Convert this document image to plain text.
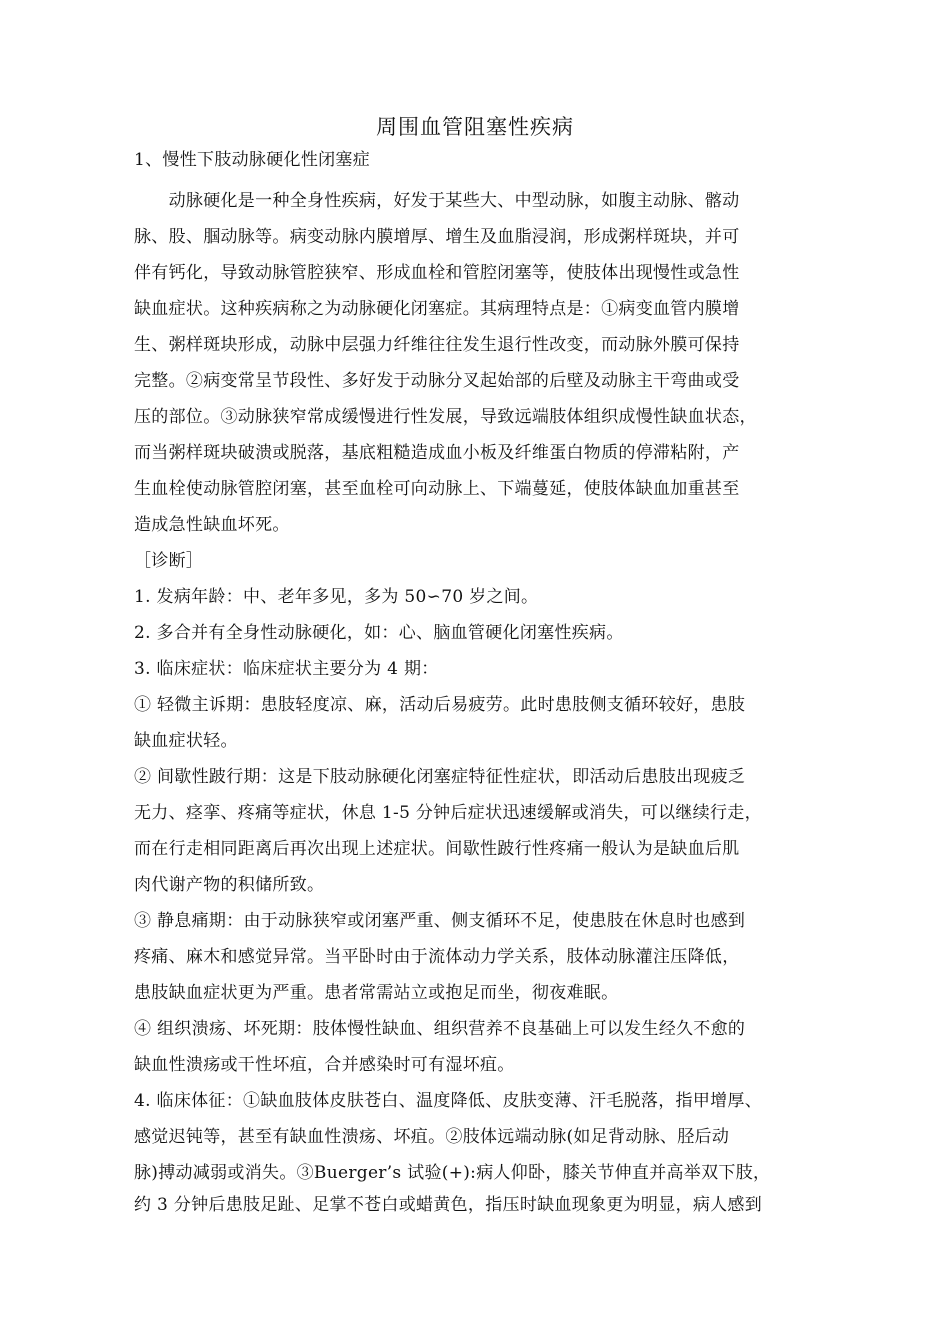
周围血管阻塞性疾病
1、慢性下肢动脉硬化性闭塞症
　　动脉硬化是一种全身性疾病，好发于某些大、中型动脉，如腹主动脉、髂动
脉、股、腘动脉等。病变动脉内膜增厚、增生及血脂浸润，形成粥样斑块，并可
伴有钙化，导致动脉管腔狭窄、形成血栓和管腔闭塞等，使肢体出现慢性或急性
缺血症状。这种疾病称之为动脉硬化闭塞症。其病理特点是：①病变血管内膜增
生、粥样斑块形成，动脉中层强力纤维往往发生退行性改变，而动脉外膜可保持
完整。②病变常呈节段性、多好发于动脉分叉起始部的后壁及动脉主干弯曲或受
压的部位。③动脉狭窄常成缓慢进行性发展，导致远端肢体组织成慢性缺血状态，
而当粥样斑块破溃或脱落，基底粗糙造成血小板及纤维蛋白物质的停滞粘附，产
生血栓使动脉管腔闭塞，甚至血栓可向动脉上、下端蔓延，使肢体缺血加重甚至
造成急性缺血坏死。
［诊断］
1. 发病年龄：中、老年多见，多为 50∽70 岁之间。
2. 多合并有全身性动脉硬化，如：心、脑血管硬化闭塞性疾病。
3. 临床症状：临床症状主要分为 4 期：
① 轻微主诉期：患肢轻度凉、麻，活动后易疲劳。此时患肢侧支循环较好，患肢
缺血症状轻。
② 间歇性跛行期：这是下肢动脉硬化闭塞症特征性症状，即活动后患肢出现疲乏
无力、痉挛、疼痛等症状，休息 1-5 分钟后症状迅速缓解或消失，可以继续行走，
而在行走相同距离后再次出现上述症状。间歇性跛行性疼痛一般认为是缺血后肌
肉代谢产物的积储所致。
③ 静息痛期：由于动脉狭窄或闭塞严重、侧支循环不足，使患肢在休息时也感到
疼痛、麻木和感觉异常。当平卧时由于流体动力学关系，肢体动脉灌注压降低，
患肢缺血症状更为严重。患者常需站立或抱足而坐，彻夜难眠。
④ 组织溃疡、坏死期：肢体慢性缺血、组织营养不良基础上可以发生经久不愈的
缺血性溃疡或干性坏疽，合并感染时可有湿坏疽。
4. 临床体征：①缺血肢体皮肤苍白、温度降低、皮肤变薄、汗毛脱落，指甲增厚、
感觉迟钝等，甚至有缺血性溃疡、坏疽。②肢体远端动脉(如足背动脉、胫后动
脉)搏动减弱或消失。③Buerger’s 试验(+):病人仰卧，膝关节伸直并高举双下肢，
约 3 分钟后患肢足趾、足掌不苍白或蜡黄色，指压时缺血现象更为明显，病人感到
